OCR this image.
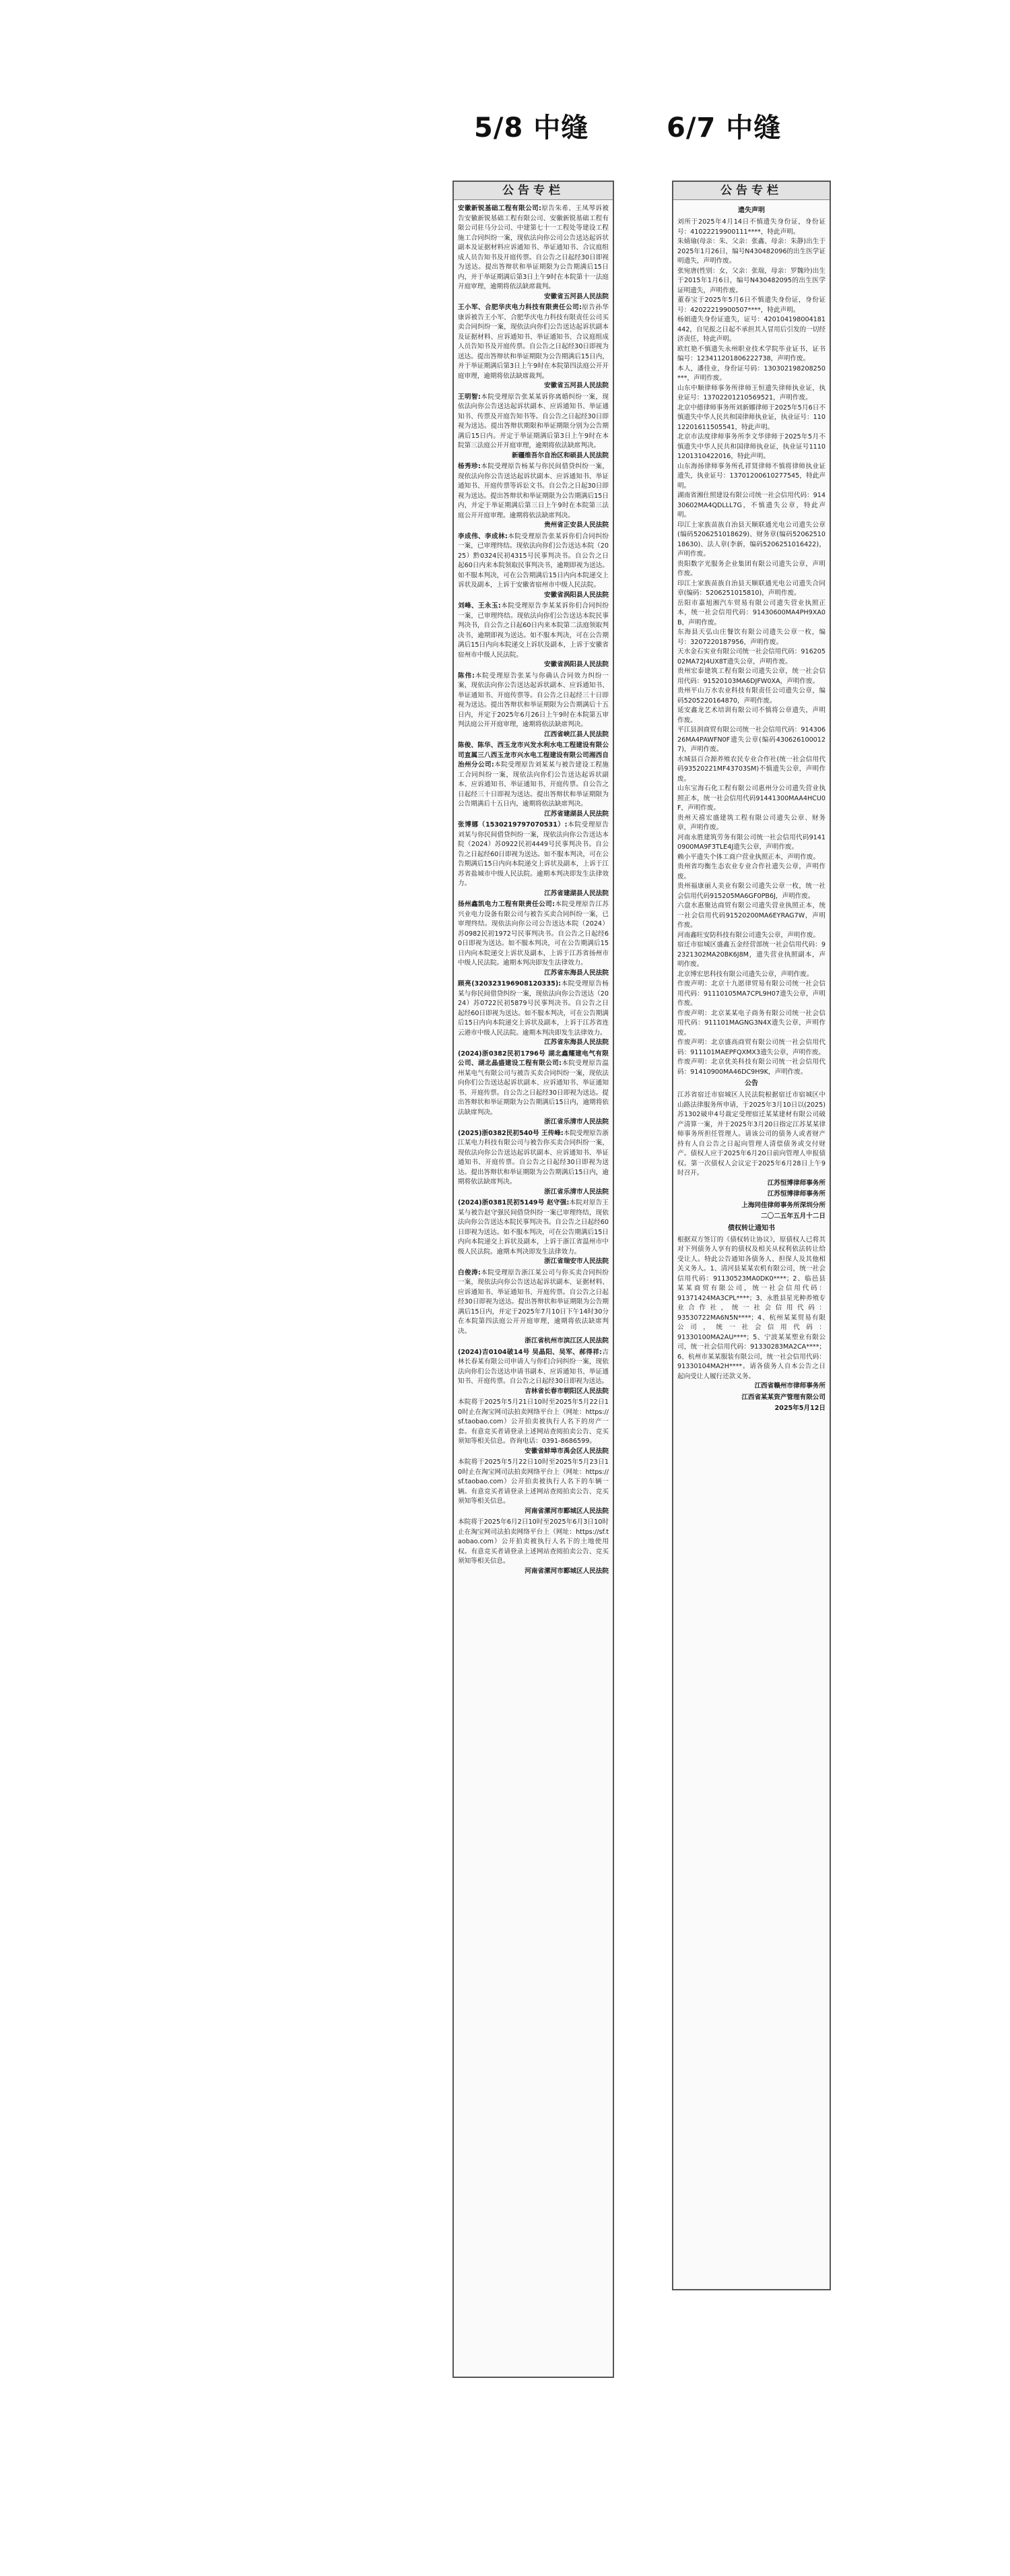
5/8 中缝	6/7 中缝
公告专栏
安徽新锐基础工程有限公司:原告朱希、王凤琴诉被告安徽新锐基础工程有限公司、安徽新锐基础工程有限公司驻马分公司、中建第七十一工程处等建设工程施工合同纠纷一案，现依法向你公司公告送达起诉状副本及证据材料应诉通知书、举证通知书、合议庭组成人员告知书及开庭传票。自公告之日起经30日即视为送达。提出答辩状和举证期限为公告期满后15日内，并于举证期满后第3日上午9时在本院第十一法庭开庭审理，逾期将依法缺席裁判。
安徽省五河县人民法院
王小军、合肥华庆电力科技有限责任公司:原告孙华康诉被告王小军、合肥华庆电力科技有限责任公司买卖合同纠纷一案，现依法向你们公告送达起诉状副本及证据材料、应诉通知书、举证通知书、合议庭组成人员告知书及开庭传票。自公告之日起经30日即视为送达。提出答辩状和举证期限为公告期满后15日内，并于举证期满后第3日上午9时在本院第四法庭公开开庭审理，逾期将依法缺席裁判。
安徽省五河县人民法院
王明智:本院受理原告张某某诉你离婚纠纷一案，现依法向你公告送达起诉状副本、应诉通知书、举证通知书、传票及开庭告知书等。自公告之日起经30日即视为送达。提出答辩状期限和举证期限分别为公告期满后15日内。并定于举证期满后第3日上午9时在本院第三法庭公开开庭审理，逾期将依法缺席判决。
新疆维吾尔自治区和硕县人民法院
杨秀珍:本院受理原告杨某与你民间借贷纠纷一案，现依法向你公告送达起诉状副本、应诉通知书、举证通知书、开庭传票等诉讼文书。自公告之日起30日即视为送达。提出答辩状和举证期限为公告期满后15日内，并定于举证期满后第三日上午9时在本院第三法庭公开开庭审理。逾期将依法缺席判决。
贵州省正安县人民法院
李成伟、李成林:本院受理原告张某诉你们合同纠纷一案，已审理终结。现依法向你们公告送达本院（2025）黔0324民初4315号民事判决书。自公告之日起60日内来本院领取民事判决书，逾期即视为送达。如不服本判决，可在公告期满后15日内向本院递交上诉状及副本，上诉于安徽省宿州市中级人民法院。
安徽省涡阳县人民法院
刘峰、王永玉:本院受理原告李某某诉你们合同纠纷一案，已审理终结。现依法向你们公告送达本院民事判决书，自公告之日起60日内来本院第二法庭领取判决书，逾期即视为送达。如不服本判决，可在公告期满后15日内向本院递交上诉状及副本，上诉于安徽省宿州市中级人民法院。
安徽省涡阳县人民法院
陈伟:本院受理原告张某与你确认合同效力纠纷一案，现依法向你公告送达起诉状副本、应诉通知书、举证通知书、开庭传票等。自公告之日起经三十日即视为送达。提出答辩状和举证期限为公告期满后十五日内，并定于2025年6月26日上午9时在本院第五审判法庭公开开庭审理，逾期将依法缺席判决。
江西省峡江县人民法院
陈俊、陈华、西玉龙市兴发水利水电工程建设有限公司直属三八西玉龙市兴水电工程建设有限公司湘西自治州分公司:本院受理原告刘某某与被告建设工程施工合同纠纷一案，现依法向你们公告送达起诉状副本、应诉通知书、举证通知书、开庭传票。自公告之日起经三十日即视为送达。提出答辩状和举证期限为公告期满后十五日内，逾期将依法缺席判决。
江苏省建湖县人民法院
张博娜（1530219797070531）:本院受理原告刘某与你民间借贷纠纷一案，现依法向你公告送达本院（2024）苏0922民初4449号民事判决书。自公告之日起经60日即视为送达。如不服本判决，可在公告期满后15日内向本院递交上诉状及副本，上诉于江苏省盐城市中级人民法院。逾期本判决即发生法律效力。
江苏省建湖县人民法院
扬州鑫凯电力工程有限责任公司:本院受理原告江苏兴业电力设备有限公司与被告买卖合同纠纷一案，已审理终结。现依法向你公司公告送达本院（2024）苏0982民初1972号民事判决书。自公告之日起经60日即视为送达。如不服本判决，可在公告期满后15日内向本院递交上诉状及副本，上诉于江苏省扬州市中级人民法院。逾期本判决即发生法律效力。
江苏省东海县人民法院
顾亮(320323196908120335):本院受理原告杨某与你民间借贷纠纷一案，现依法向你公告送达（2024）苏0722民初5879号民事判决书。自公告之日起经60日即视为送达。如不服本判决，可在公告期满后15日内向本院递交上诉状及副本，上诉于江苏省连云港市中级人民法院。逾期本判决即发生法律效力。
江苏省东海县人民法院
(2024)浙0382民初1796号 湖北鑫耀建电气有限公司、湖北晶盛建设工程有限公司:本院受理原告温州某电气有限公司与被告买卖合同纠纷一案，现依法向你们公告送达起诉状副本、应诉通知书、举证通知书、开庭传票。自公告之日起经30日即视为送达。提出答辩状和举证期限为公告期满后15日内，逾期将依法缺席判决。
浙江省乐清市人民法院
(2025)浙0382民初540号 王传峰:本院受理原告浙江某电力科技有限公司与被告你买卖合同纠纷一案，现依法向你公告送达起诉状副本、应诉通知书、举证通知书、开庭传票。自公告之日起经30日即视为送达。提出答辩状和举证期限为公告期满后15日内，逾期将依法缺席判决。
浙江省乐清市人民法院
(2024)浙0381民初5149号 赵守强:本院对原告王某与被告赵守强民间借贷纠纷一案已审理终结，现依法向你公告送达本院民事判决书。自公告之日起经60日即视为送达。如不服本判决，可在公告期满后15日内向本院递交上诉状及副本，上诉于浙江省温州市中级人民法院。逾期本判决即发生法律效力。
浙江省瑞安市人民法院
白俊涛:本院受理原告浙江某公司与你买卖合同纠纷一案，现依法向你公告送达起诉状副本、证据材料、应诉通知书、举证通知书、开庭传票。自公告之日起经30日即视为送达。提出答辩状和举证期限为公告期满后15日内，并定于2025年7月10日下午14时30分在本院第四法庭公开开庭审理，逾期将依法缺席判决。
浙江省杭州市滨江区人民法院
(2024)吉0104破14号 吴晶阳、吴军、郝得祥:吉林长春某有限公司申请人与你们合同纠纷一案，现依法向你们公告送达申请书副本、应诉通知书、举证通知书、开庭传票。自公告之日起经30日即视为送达。
吉林省长春市朝阳区人民法院
本院将于2025年5月21日10时至2025年5月22日10时止在淘宝网司法拍卖网络平台上（网址：https://sf.taobao.com）公开拍卖被执行人名下的房产一套。有意竞买者请登录上述网站查阅拍卖公告、竞买须知等相关信息。咨询电话：0391-8686599。
安徽省蚌埠市禹会区人民法院
本院将于2025年5月22日10时至2025年5月23日10时止在淘宝网司法拍卖网络平台上（网址：https://sf.taobao.com）公开拍卖被执行人名下的车辆一辆。有意竞买者请登录上述网站查阅拍卖公告、竞买须知等相关信息。
河南省漯河市郾城区人民法院
本院将于2025年6月2日10时至2025年6月3日10时止在淘宝网司法拍卖网络平台上（网址：https://sf.taobao.com）公开拍卖被执行人名下的土地使用权。有意竞买者请登录上述网站查阅拍卖公告、竞买须知等相关信息。
河南省漯河市郾城区人民法院
公告专栏
遗失声明
刘所于2025年4月14日不慎遗失身份证，身份证号：41022219900111****，特此声明。
朱婧瑜(母亲：朱、父亲：张鑫、母亲：朱静)出生于2025年1月26日，编号N430482096的出生医学证明遗失，声明作废。
张宛唐(性别：女，父亲：张瑞，母亲：罗魏玲)出生于2015年1月6日，编号N430482095的出生医学证明遗失，声明作废。
董春宝于2025年5月6日不慎遗失身份证，身份证号：42022219900507****，特此声明。
杨娟遗失身份证遗失，证号：420104198004181442，自见报之日起不承担其人冒用后引发的一切经济责任，特此声明。
欧红艳不慎遗失永州职业技术学院毕业证书，证书编号：123411201806222738，声明作废。
本人，潘佳业，身份证号码：130302198208250***，声明作废。
山东中顺律师事务所律师王恒遗失律师执业证，执业证号：13702201210569521，声明作废。
北京中德律师事务所刘新娜律师于2025年5月6日不慎遗失中华人民共和国律师执业证，执业证号：11012201611505541，特此声明。
北京市法度律师事务所李文华律师于2025年5月不慎遗失中华人民共和国律师执业证，执业证号11101201310422016，特此声明。
山东海扬律师事务所孔祥贤律师不慎将律师执业证遗失，执业证号：13701200610277545，特此声明。
湖南省湘仕照建设有限公司统一社会信用代码：91430602MA4QDLLL7G，不慎遗失公章，特此声明。
印江土家族苗族自治县天顺联通光电公司遗失公章(编码5206251018629)、财务章(编码5206251018630)、法人章(李新，编码5206251016422)，声明作废。
贵阳数字光服务企业集团有限公司遗失公章，声明作废。
印江土家族苗族自治县天顺联通光电公司遗失合同章(编码：5206251015810)，声明作废。
岳阳市嘉旭湘汽车贸易有限公司遗失营业执照正本，统一社会信用代码：91430600MA4PH9XA0B，声明作废。
东海县天弘山庄餐饮有限公司遗失公章一枚，编号：3207220187956，声明作废。
天水金石实业有限公司统一社会信用代码：91620502MA72J4UX8T遗失公章，声明作废。
贵州宏泰建筑工程有限公司遗失公章，统一社会信用代码：91520103MA6DJFW0XA，声明作废。
贵州平山万水农业科技有限责任公司遗失公章，编码5205220164870，声明作废。
延安鑫龙艺术培训有限公司不慎将公章遗失，声明作废。
平江县润商贸有限公司统一社会信用代码：91430626MA4PAWFN0F遗失公章(编码4306261000127)，声明作废。
水城县百合源养殖农民专业合作社(统一社会信用代码93520221MF43703SM)不慎遗失公章，声明作废。
山东宝海石化工程有限公司惠州分公司遗失营业执照正本，统一社会信用代码91441300MAA4HCU0F，声明作废。
贵州天禧宏盛建筑工程有限公司遗失公章、财务章，声明作废。
河南永胜建筑劳务有限公司统一社会信用代码91410900MA9F3TLE4J遗失公章，声明作废。
赖小平遗失个体工商户营业执照正本，声明作废。
贵州省均衡生态农业专业合作社遗失公章，声明作废。
贵州福康丽人美业有限公司遗失公章一枚，统一社会信用代码915205MA6GF0PB6J，声明作废。
六盘水惠聚达商贸有限公司遗失营业执照正本，统一社会信用代码91520200MA6EYRAG7W，声明作废。
河南鑫旺安防科技有限公司遗失公章，声明作废。
宿迁市宿城区盛鑫五金经营部统一社会信用代码：92321302MA20BK6J8M，遗失营业执照副本，声明作废。
北京博宏思科技有限公司遗失公章，声明作废。
作废声明：北京十九愿律贸易有限公司统一社会信用代码：91110105MA7CPL9H07遗失公章，声明作废。
作废声明：北京某某电子商务有限公司统一社会信用代码：911101MAGNG3N4X遗失公章，声明作废。
作废声明：北京盛高商贸有限公司统一社会信用代码：911101MAEPFQXMX3遗失公章，声明作废。
作废声明：北京优美科技有限公司统一社会信用代码：91410900MA46DC9H9K，声明作废。
公告
江苏省宿迁市宿城区人民法院根据宿迁市宿城区中山路法律服务所申请，于2025年3月10日以(2025)苏1302破申4号裁定受理宿迁某某建材有限公司破产清算一案，并于2025年3月20日指定江苏某某律师事务所担任管理人。请该公司的债务人或者财产持有人自公告之日起向管理人清偿债务或交付财产。债权人应于2025年6月20日前向管理人申报债权。第一次债权人会议定于2025年6月28日上午9时召开。
江苏恒博律师事务所
江苏恒博律师事务所
上海同佳律师事务所深圳分所
二〇二五年五月十二日
债权转让通知书
根据双方签订的《债权转让协议》，原债权人已将其对下列债务人享有的债权及相关从权利依法转让给受让人。特此公告通知各债务人、担保人及其他相关义务人。1、清河县某某农机有限公司，统一社会信用代码：91130523MA0DK0****；2、临邑县某某商贸有限公司，统一社会信用代码：91371424MA3CPL****；3、永胜县星光种养殖专业合作社，统一社会信用代码：93530722MA6N5N****；4、杭州某某贸易有限公司，统一社会信用代码：91330100MA2AU****；5、宁波某某塑业有限公司，统一社会信用代码：91330283MA2CA****；6、杭州市某某服装有限公司，统一社会信用代码：91330104MA2H****。请各债务人自本公告之日起向受让人履行还款义务。
江西省赣州市律师事务所
江西省某某资产管理有限公司
2025年5月12日
